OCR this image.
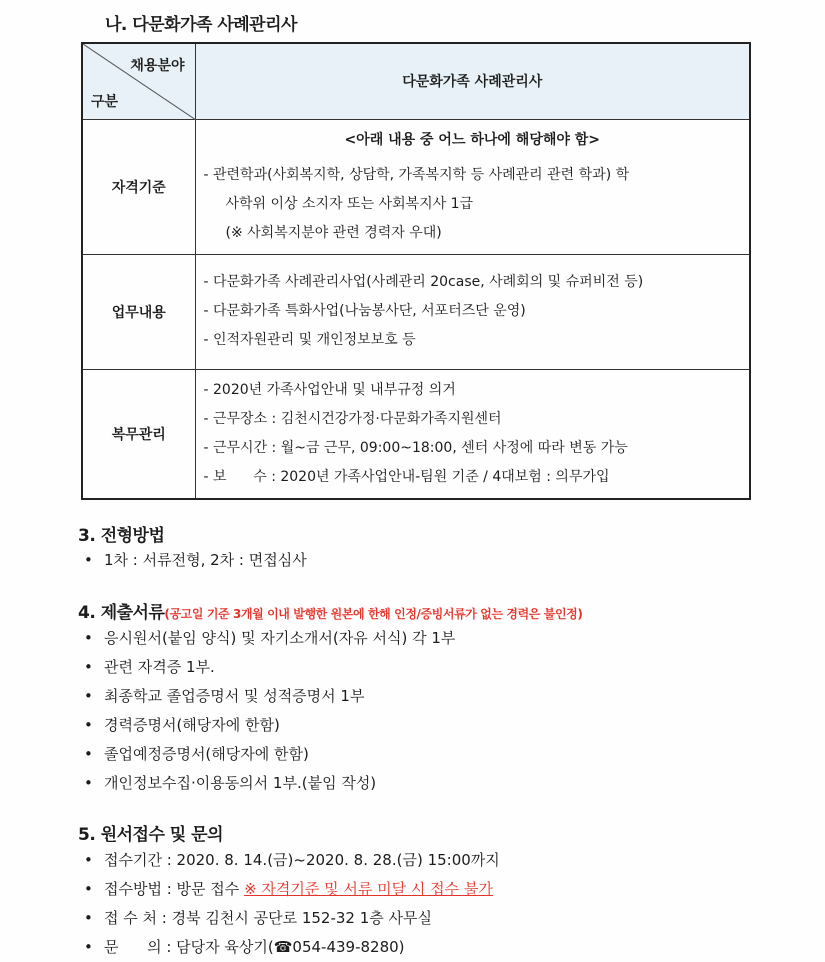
나. 다문화가족 사례관리사
채용분야
구분	다문화가족 사례관리사
자격기준	<아래 내용 중 어느 하나에 해당해야 함>
- 관련학과(사회복지학, 상담학, 가족복지학 등 사례관리 관련 학과) 학
사학위 이상 소지자 또는 사회복지사 1급
(※ 사회복지분야 관련 경력자 우대)

업무내용	- 다문화가족 사례관리사업(사례관리 20case, 사례회의 및 슈퍼비전 등)
- 다문화가족 특화사업(나눔봉사단, 서포터즈단 운영)
- 인적자원관리 및 개인정보보호 등

복무관리	- 2020년 가족사업안내 및 내부규정 의거
- 근무장소 : 김천시건강가정·다문화가족지원센터
- 근무시간 : 월~금 근무, 09:00~18:00, 센터 사정에 따라 변동 가능
- 보      수 : 2020년 가족사업안내-팀원 기준 / 4대보험 : 의무가입
3. 전형방법
• 1차 : 서류전형, 2차 : 면접심사
4. 제출서류(공고일 기준 3개월 이내 발행한 원본에 한해 인정/증빙서류가 없는 경력은 불인정)
• 응시원서(붙임 양식) 및 자기소개서(자유 서식) 각 1부
• 관련 자격증 1부.
• 최종학교 졸업증명서 및 성적증명서 1부
• 경력증명서(해당자에 한함)
• 졸업예정증명서(해당자에 한함)
• 개인정보수집·이용동의서 1부.(붙임 작성)
5. 원서접수 및 문의
• 접수기간 : 2020. 8. 14.(금)~2020. 8. 28.(금) 15:00까지
• 접수방법 : 방문 접수 ※ 자격기준 및 서류 미달 시 접수 불가
• 접 수 처 : 경북 김천시 공단로 152-32 1층 사무실
• 문      의 : 담당자 육상기(☎054-439-8280)
